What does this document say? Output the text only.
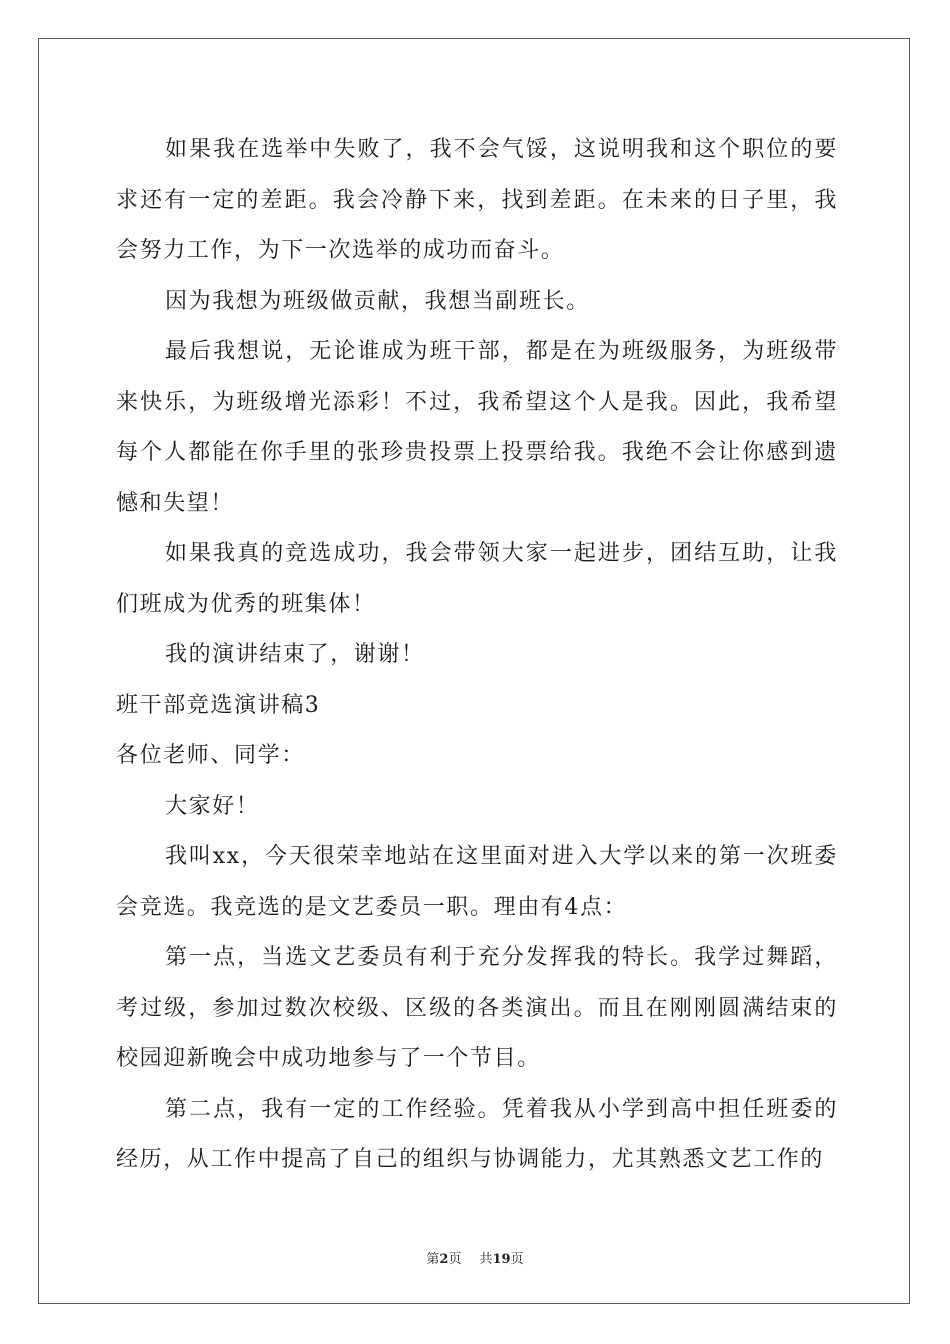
如果我在选举中失败了，我不会气馁，这说明我和这个职位的要求还有一定的差距。我会冷静下来，找到差距。在未来的日子里，我会努力工作，为下一次选举的成功而奋斗。

因为我想为班级做贡献，我想当副班长。

最后我想说，无论谁成为班干部，都是在为班级服务，为班级带来快乐，为班级增光添彩！不过，我希望这个人是我。因此，我希望每个人都能在你手里的张珍贵投票上投票给我。我绝不会让你感到遗憾和失望！

如果我真的竞选成功，我会带领大家一起进步，团结互助，让我们班成为优秀的班集体！

我的演讲结束了，谢谢！

班干部竞选演讲稿3

各位老师、同学：

大家好！

我叫xx，今天很荣幸地站在这里面对进入大学以来的第一次班委会竞选。我竞选的是文艺委员一职。理由有4点：

第一点，当选文艺委员有利于充分发挥我的特长。我学过舞蹈，考过级，参加过数次校级、区级的各类演出。而且在刚刚圆满结束的校园迎新晚会中成功地参与了一个节目。

第二点，我有一定的工作经验。凭着我从小学到高中担任班委的经历，从工作中提高了自己的组织与协调能力，尤其熟悉文艺工作的

第2页 共19页
